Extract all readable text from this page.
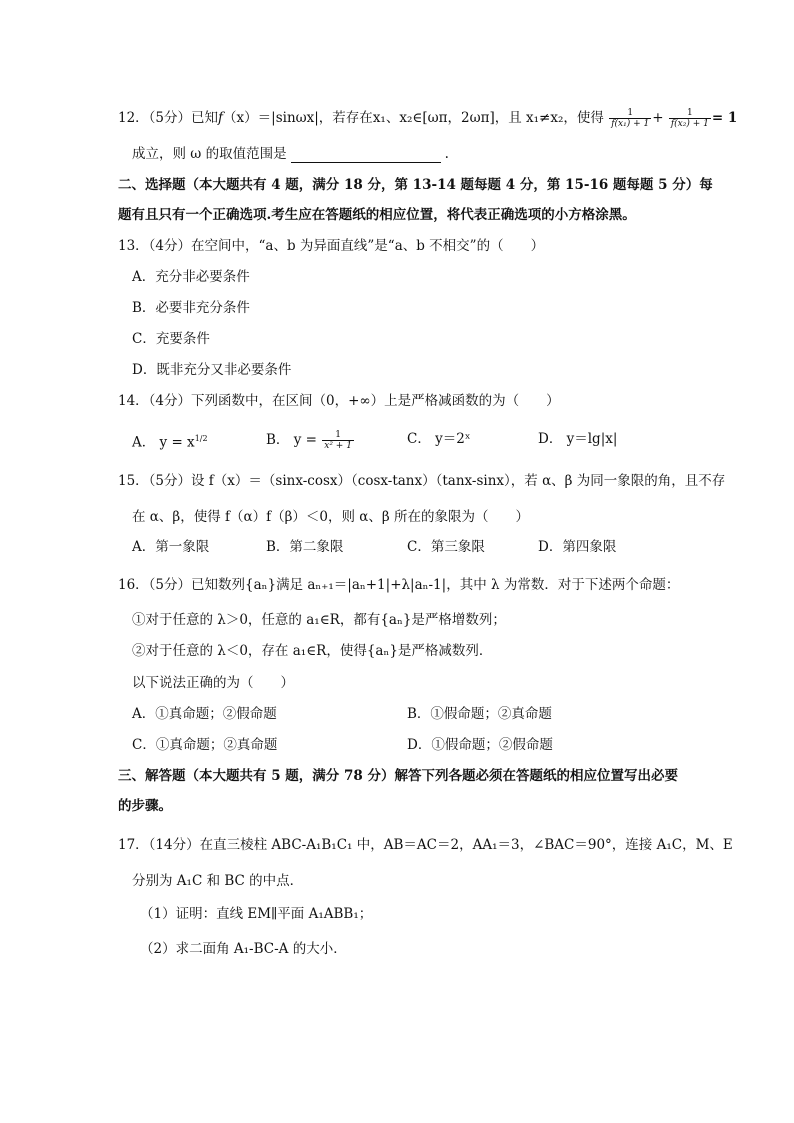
12．（5分）已知f（x）＝|sinωx|，若存在x₁、x₂∈[ωπ，2ωπ]，且 x₁≠x₂，使得 $\frac{1}{\text{f(x₁) + 1}} + \frac{1}{\text{f(x₂) + 1}} = 1$
成立，则 ω 的取值范围是	.
二、选择题（本大题共有 4 题，满分 18 分，第 13-14 题每题 4 分，第 15-16 题每题 5 分）每
题有且只有一个正确选项.考生应在答题纸的相应位置，将代表正确选项的小方格涂黑。
13．（4分）在空间中，“a、b 为异面直线”是“a、b 不相交”的（　　）
A．充分非必要条件
B．必要非充分条件
C．充要条件
D．既非充分又非必要条件
14．（4分）下列函数中，在区间（0，+∞）上是严格减函数的为（　　）
A． $y = x^{1/2}$	B． $y = \frac{1}{\text{x² + 1}}$	C． y＝2ˣ	D． y＝lg|x|
15．（5分）设 f（x）＝（sinx-cosx）（cosx-tanx）（tanx-sinx），若 α、β 为同一象限的角，且不存
在 α、β，使得 f（α）f（β）＜0，则 α、β 所在的象限为（　　）
A．第一象限	B．第二象限	C．第三象限	D．第四象限
16．（5分）已知数列{aₙ}满足 aₙ₊₁＝|aₙ+1|+λ|aₙ-1|，其中 λ 为常数．对于下述两个命题：
①对于任意的 λ＞0，任意的 a₁∈R，都有{aₙ}是严格增数列；
②对于任意的 λ＜0，存在 a₁∈R，使得{aₙ}是严格减数列．
以下说法正确的为（　　）
A．①真命题；②假命题	B．①假命题；②真命题
C．①真命题；②真命题	D．①假命题；②假命题
三、解答题（本大题共有 5 题，满分 78 分）解答下列各题必须在答题纸的相应位置写出必要
的步骤。
17．（14分）在直三棱柱 ABC-A₁B₁C₁ 中，AB＝AC＝2，AA₁＝3，∠BAC＝90°，连接 A₁C，M、E
分别为 A₁C 和 BC 的中点．
（1）证明：直线 EM∥平面 A₁ABB₁；
（2）求二面角 A₁-BC-A 的大小．
